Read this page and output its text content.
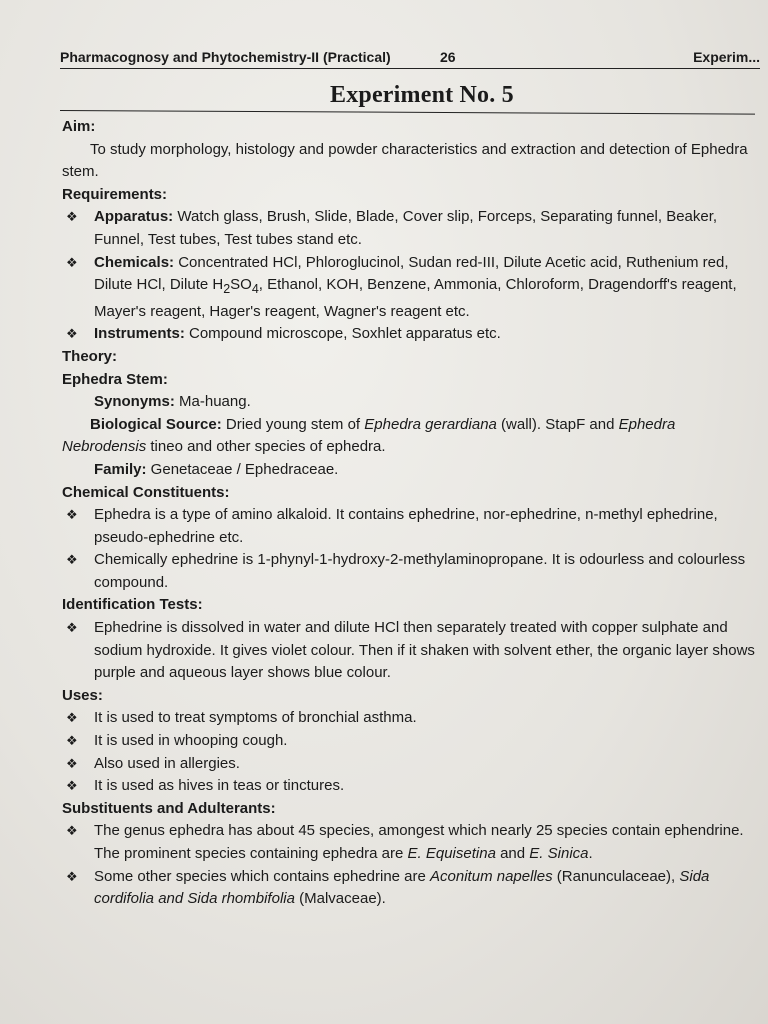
Pharmacognosy and Phytochemistry-II (Practical)	26	Experim...
Experiment No. 5

Aim:

To study morphology, histology and powder characteristics and extraction and detection of Ephedra stem.

Requirements:

❖ Apparatus: Watch glass, Brush, Slide, Blade, Cover slip, Forceps, Separating funnel, Beaker, Funnel, Test tubes, Test tubes stand etc.
❖ Chemicals: Concentrated HCl, Phloroglucinol, Sudan red-III, Dilute Acetic acid, Ruthenium red, Dilute HCl, Dilute $H_2SO_4$, Ethanol, KOH, Benzene, Ammonia, Chloroform, Dragendorff's reagent, Mayer's reagent, Hager's reagent, Wagner's reagent etc.
❖ Instruments: Compound microscope, Soxhlet apparatus etc.

Theory:

Ephedra Stem:

Synonyms: Ma-huang.

Biological Source: Dried young stem of Ephedra gerardiana (wall). StapF and Ephedra Nebrodensis tineo and other species of ephedra.

Family: Genetaceae / Ephedraceae.

Chemical Constituents:

❖ Ephedra is a type of amino alkaloid. It contains ephedrine, nor-ephedrine, n-methyl ephedrine, pseudo-ephedrine etc.
❖ Chemically ephedrine is 1-phynyl-1-hydroxy-2-methylaminopropane. It is odourless and colourless compound.

Identification Tests:

❖ Ephedrine is dissolved in water and dilute HCl then separately treated with copper sulphate and sodium hydroxide. It gives violet colour. Then if it shaken with solvent ether, the organic layer shows purple and aqueous layer shows blue colour.

Uses:

❖ It is used to treat symptoms of bronchial asthma.
❖ It is used in whooping cough.
❖ Also used in allergies.
❖ It is used as hives in teas or tinctures.

Substituents and Adulterants:

❖ The genus ephedra has about 45 species, amongest which nearly 25 species contain ephendrine. The prominent species containing ephedra are E. Equisetina and E. Sinica.
❖ Some other species which contains ephedrine are Aconitum napelles (Ranunculaceae), Sida cordifolia and Sida rhombifolia (Malvaceae).
